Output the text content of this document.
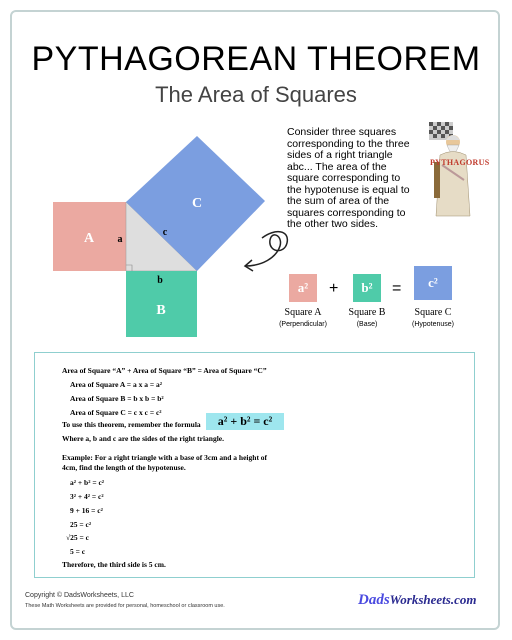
PYTHAGOREAN THEOREM
The Area of Squares
A
B
C
a
b
c
Consider three squares corresponding to the three sides of a right triangle abc... The area of the square corresponding to the hypotenuse is equal to the sum of area of the squares corresponding to the other two sides.
PYTHAGORUS
a²	+	b²	=	c²
Square A	Square B	Square C
(Perpendicular)	(Base)	(Hypotenuse)
Area of Square “A” + Area of Square “B” = Area of Square “C”
Area of Square A = a x a = a²
Area of Square B = b x b = b²
Area of Square C = c x c = c²
To use this theorem, remember the formula	a² + b² = c²
Where a, b and c are the sides of the right triangle.
Example: For a right triangle with a base of 3cm and a height of
4cm, find the length of the hypotenuse.
a² + b² = c²
3² + 4² = c²
9 + 16 = c²
25 = c²
√25 = c
5 = c
Therefore, the third side is 5 cm.
Copyright © DadsWorksheets, LLC
These Math Worksheets are provided for personal, homeschool or classroom use.	DadsWorksheets.com
